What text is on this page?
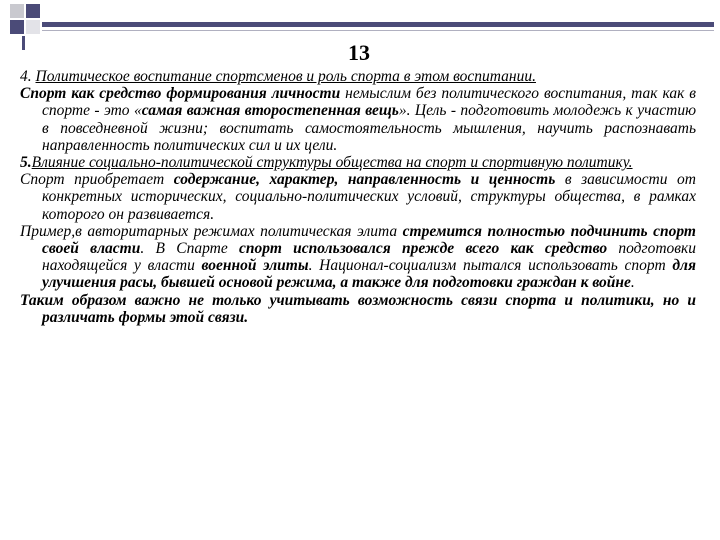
13

4. Политическое воспитание спортсменов и роль спорта в этом воспитании.

Спорт как средство формирования личности немыслим без политического воспитания, так как в спорте - это «самая важная второстепенная вещь». Цель - подготовить молодежь к участию в повседневной жизни; воспитать самостоятельность мышления, научить распознавать направленность политических сил и их цели.

5.Влияние социально-политической структуры общества на спорт и спортивную политику.

Спорт приобретает содержание, характер, направленность и ценность в зависимости от конкретных исторических, социально-политических условий, структуры общества, в рамках которого он развивается.

Пример,в авторитарных режимах политическая элита стремится полностью подчинить спорт своей власти. В Спарте спорт использовался прежде всего как средство подготовки находящейся у власти военной элиты. Национал-социализм пытался использовать спорт для улучшения расы, бывшей основой режима, а также для подготовки граждан к войне.

Таким образом важно не только учитывать возможность связи спорта и политики, но и различать формы этой связи.
